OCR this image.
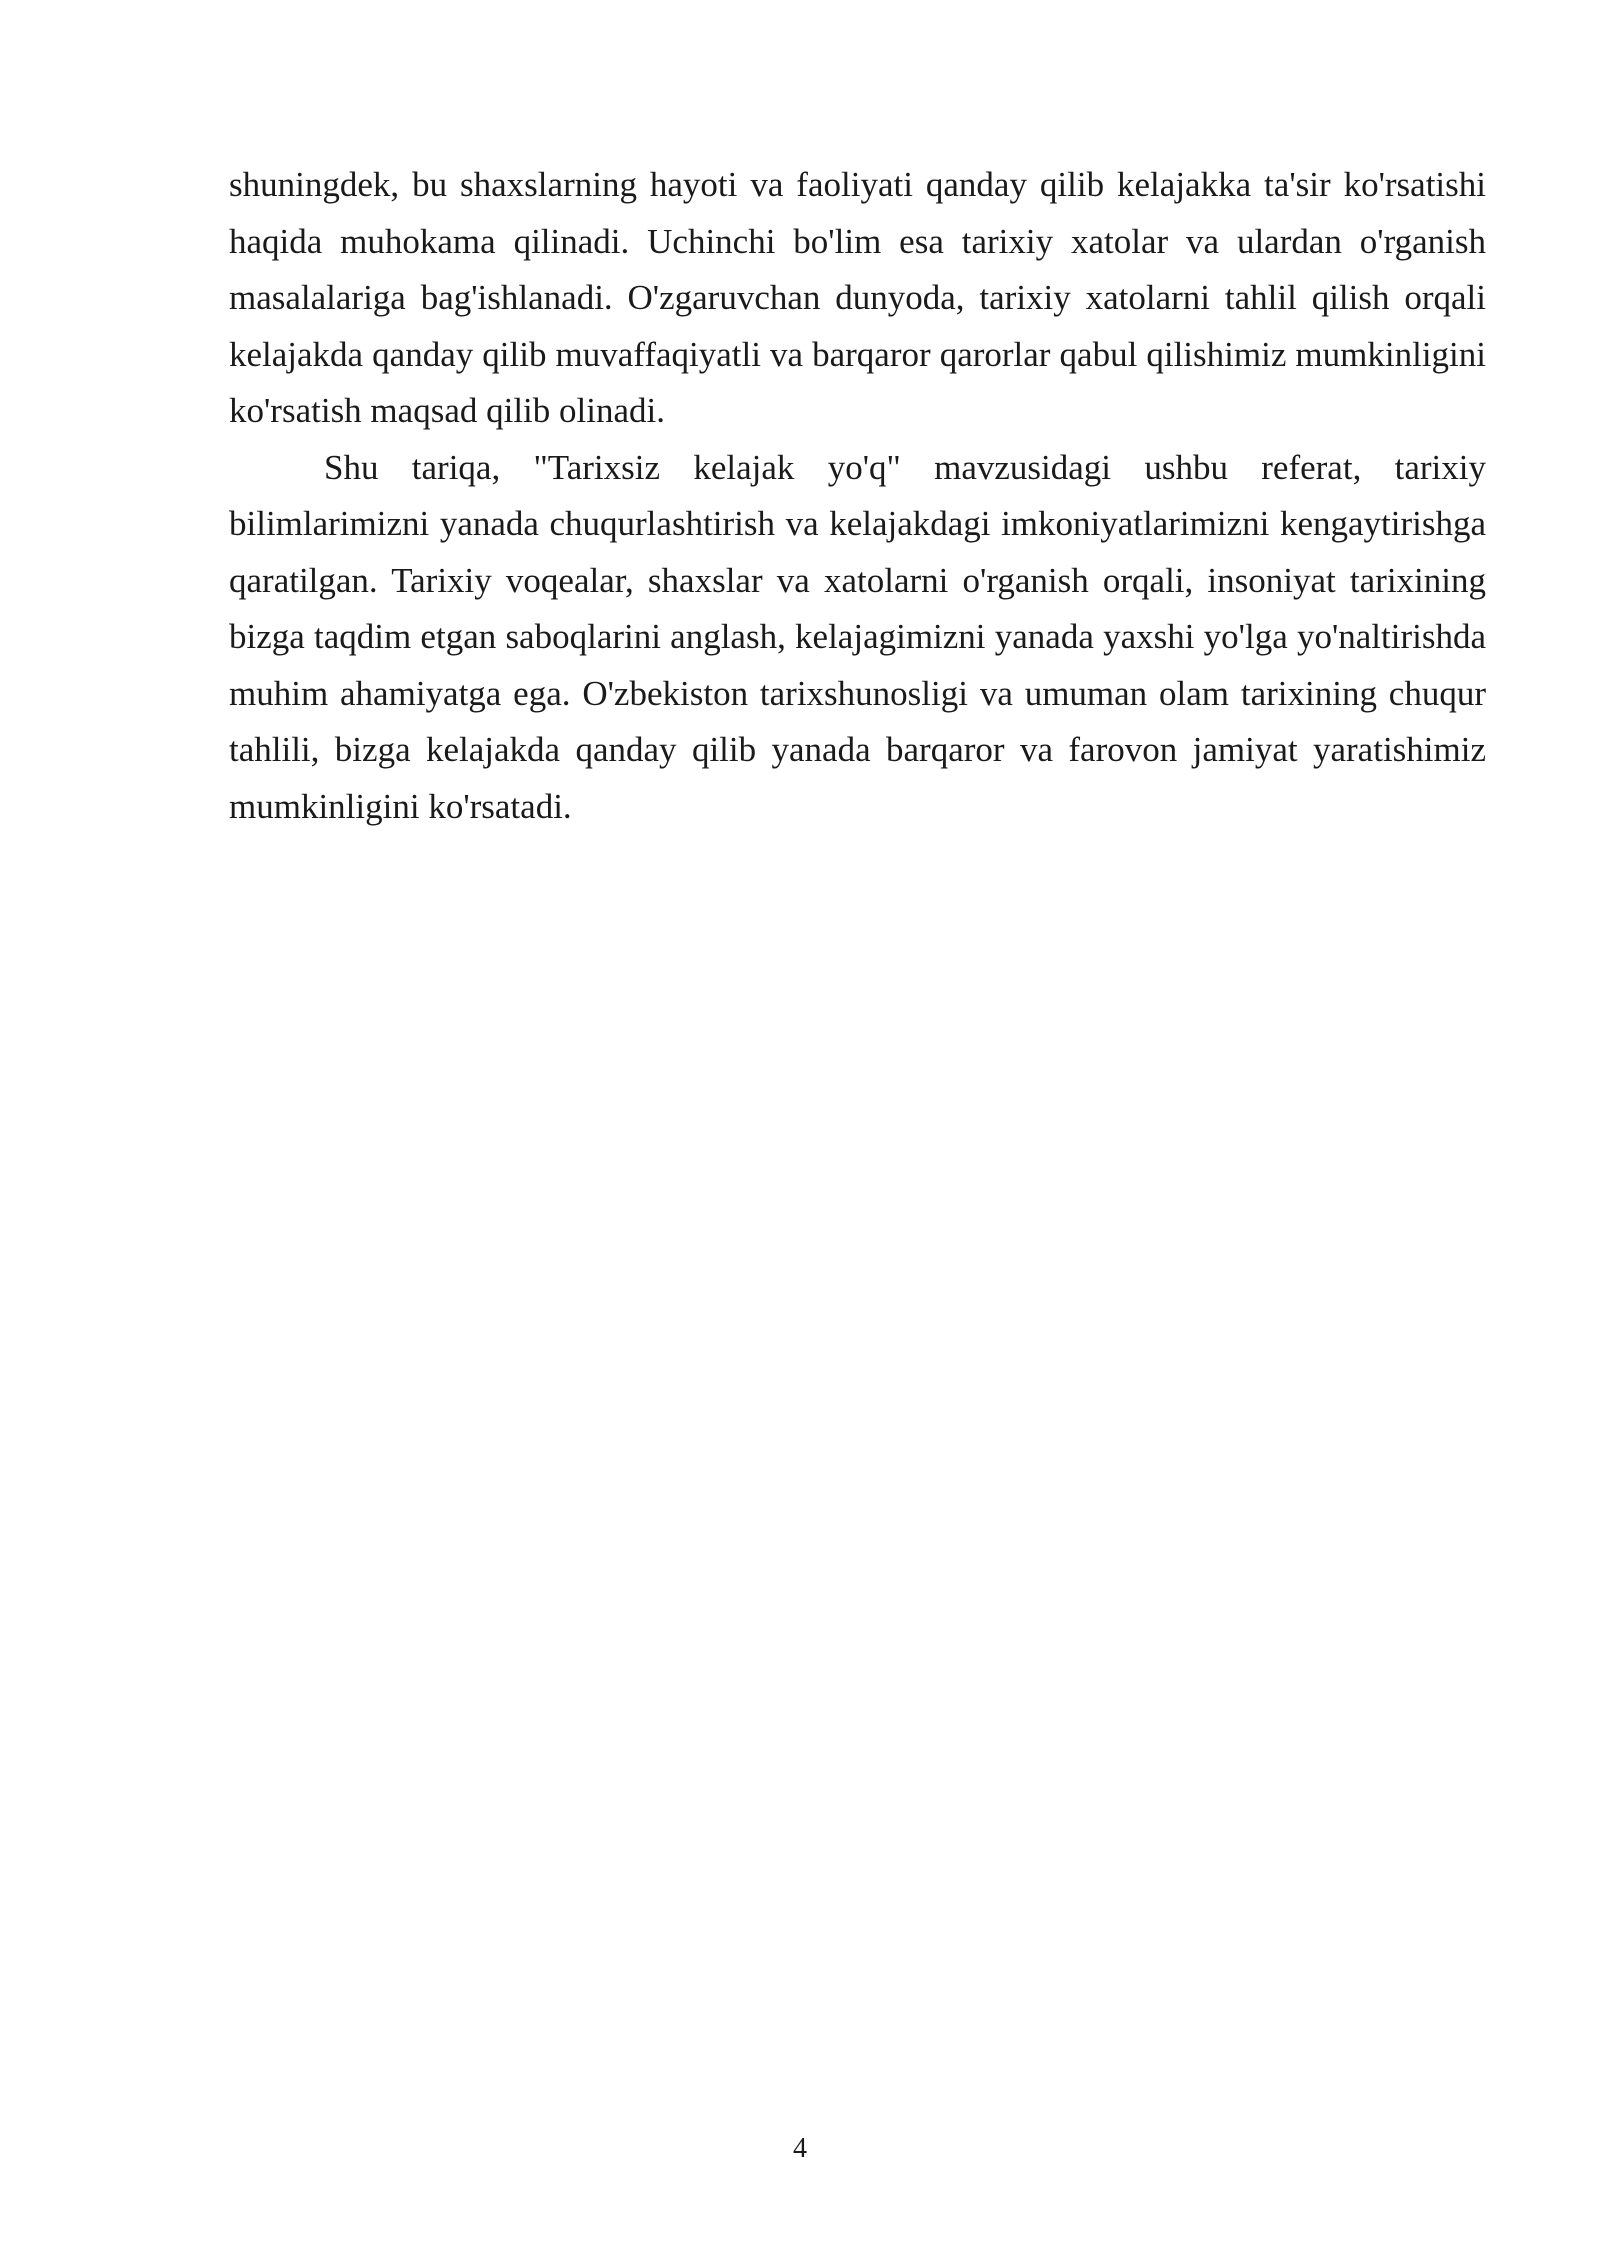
shuningdek, bu shaxslarning hayoti va faoliyati qanday qilib kelajakka ta'sir ko'rsatishi haqida muhokama qilinadi. Uchinchi bo'lim esa tarixiy xatolar va ulardan o'rganish masalalariga bag'ishlanadi. O'zgaruvchan dunyoda, tarixiy xatolarni tahlil qilish orqali kelajakda qanday qilib muvaffaqiyatli va barqaror qarorlar qabul qilishimiz mumkinligini ko'rsatish maqsad qilib olinadi.

Shu tariqa, "Tarixsiz kelajak yo'q" mavzusidagi ushbu referat, tarixiy bilimlarimizni yanada chuqurlashtirish va kelajakdagi imkoniyatlarimizni kengaytirishga qaratilgan. Tarixiy voqealar, shaxslar va xatolarni o'rganish orqali, insoniyat tarixining bizga taqdim etgan saboqlarini anglash, kelajagimizni yanada yaxshi yo'lga yo'naltirishda muhim ahamiyatga ega. O'zbekiston tarixshunosligi va umuman olam tarixining chuqur tahlili, bizga kelajakda qanday qilib yanada barqaror va farovon jamiyat yaratishimiz mumkinligini ko'rsatadi.

4
